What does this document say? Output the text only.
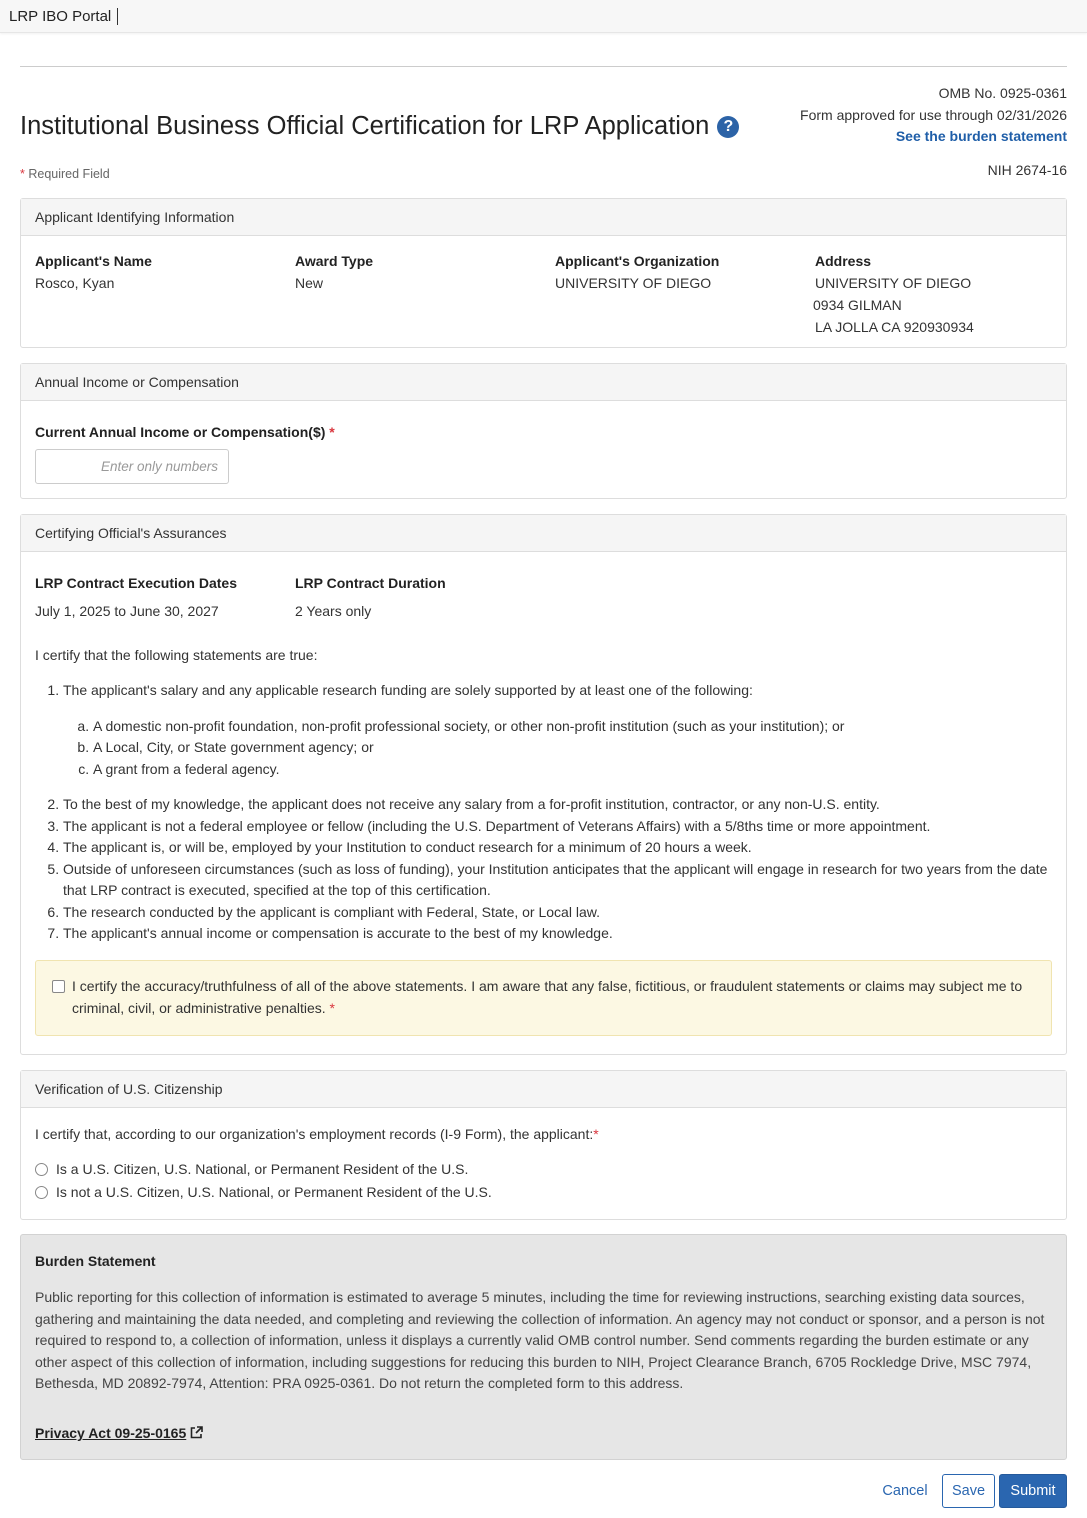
LRP IBO Portal
Institutional Business Official Certification for LRP Application ?
OMB No. 0925-0361
Form approved for use through 02/31/2026
See the burden statement
NIH 2674-16
* Required Field
Applicant Identifying Information
Applicant's Name
Rosco, Kyan
Award Type
New
Applicant's Organization
UNIVERSITY OF DIEGO
Address
UNIVERSITY OF DIEGO
0934 GILMAN
LA JOLLA CA 920930934
Annual Income or Compensation
Current Annual Income or Compensation($) *
Enter only numbers
Certifying Official's Assurances
LRP Contract Execution Dates
July 1, 2025 to June 30, 2027
LRP Contract Duration
2 Years only
I certify that the following statements are true:
1. The applicant's salary and any applicable research funding are solely supported by at least one of the following:
a. A domestic non-profit foundation, non-profit professional society, or other non-profit institution (such as your institution); or
b. A Local, City, or State government agency; or
c. A grant from a federal agency.
2. To the best of my knowledge, the applicant does not receive any salary from a for-profit institution, contractor, or any non-U.S. entity.
3. The applicant is not a federal employee or fellow (including the U.S. Department of Veterans Affairs) with a 5/8ths time or more appointment.
4. The applicant is, or will be, employed by your Institution to conduct research for a minimum of 20 hours a week.
5. Outside of unforeseen circumstances (such as loss of funding), your Institution anticipates that the applicant will engage in research for two years from the date that LRP contract is executed, specified at the top of this certification.
6. The research conducted by the applicant is compliant with Federal, State, or Local law.
7. The applicant's annual income or compensation is accurate to the best of my knowledge.
I certify the accuracy/truthfulness of all of the above statements. I am aware that any false, fictitious, or fraudulent statements or claims may subject me to criminal, civil, or administrative penalties. *
Verification of U.S. Citizenship
I certify that, according to our organization's employment records (I-9 Form), the applicant:*
Is a U.S. Citizen, U.S. National, or Permanent Resident of the U.S.
Is not a U.S. Citizen, U.S. National, or Permanent Resident of the U.S.
Burden Statement

Public reporting for this collection of information is estimated to average 5 minutes, including the time for reviewing instructions, searching existing data sources, gathering and maintaining the data needed, and completing and reviewing the collection of information. An agency may not conduct or sponsor, and a person is not required to respond to, a collection of information, unless it displays a currently valid OMB control number. Send comments regarding the burden estimate or any other aspect of this collection of information, including suggestions for reducing this burden to NIH, Project Clearance Branch, 6705 Rockledge Drive, MSC 7974, Bethesda, MD 20892-7974, Attention: PRA 0925-0361. Do not return the completed form to this address.

Privacy Act 09-25-0165
Cancel	Save	Submit
